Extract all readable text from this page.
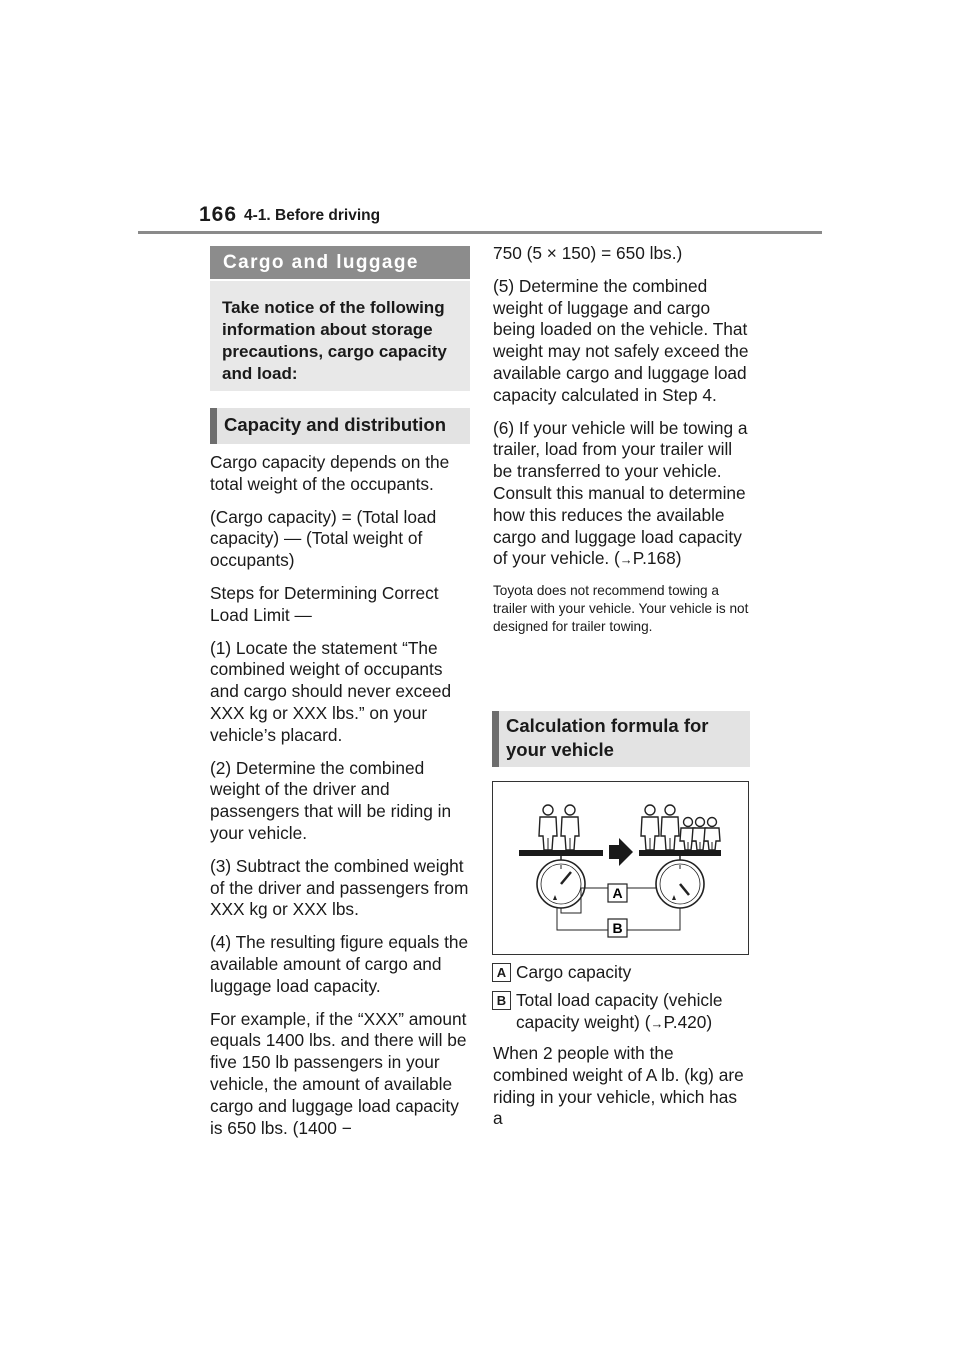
166 4-1. Before driving
Cargo and luggage
Take notice of the following information about storage precautions, cargo capacity and load:
Capacity and distribution

Cargo capacity depends on the total weight of the occupants.

(Cargo capacity) = (Total load capacity) — (Total weight of occupants)

Steps for Determining Correct Load Limit —

(1) Locate the statement “The combined weight of occupants and cargo should never exceed XXX kg or XXX lbs.” on your vehicle’s placard.

(2) Determine the combined weight of the driver and passengers that will be riding in your vehicle.

(3) Subtract the combined weight of the driver and passengers from XXX kg or XXX lbs.

(4) The resulting figure equals the available amount of cargo and luggage load capacity.

For example, if the “XXX” amount equals 1400 lbs. and there will be five 150 lb passengers in your vehicle, the amount of available cargo and luggage load capacity is 650 lbs. (1400 −

750 (5 × 150) = 650 lbs.)

(5) Determine the combined weight of luggage and cargo being loaded on the vehicle. That weight may not safely exceed the available cargo and luggage load capacity calculated in Step 4.

(6) If your vehicle will be towing a trailer, load from your trailer will be transferred to your vehicle. Consult this manual to determine how this reduces the available cargo and luggage load capacity of your vehicle. (→P.168)

Toyota does not recommend towing a trailer with your vehicle. Your vehicle is not designed for trailer towing.

Calculation formula for your vehicle
A
B
A Cargo capacity
B Total load capacity (vehicle capacity weight) (→P.420)
When 2 people with the combined weight of A lb. (kg) are riding in your vehicle, which has a
